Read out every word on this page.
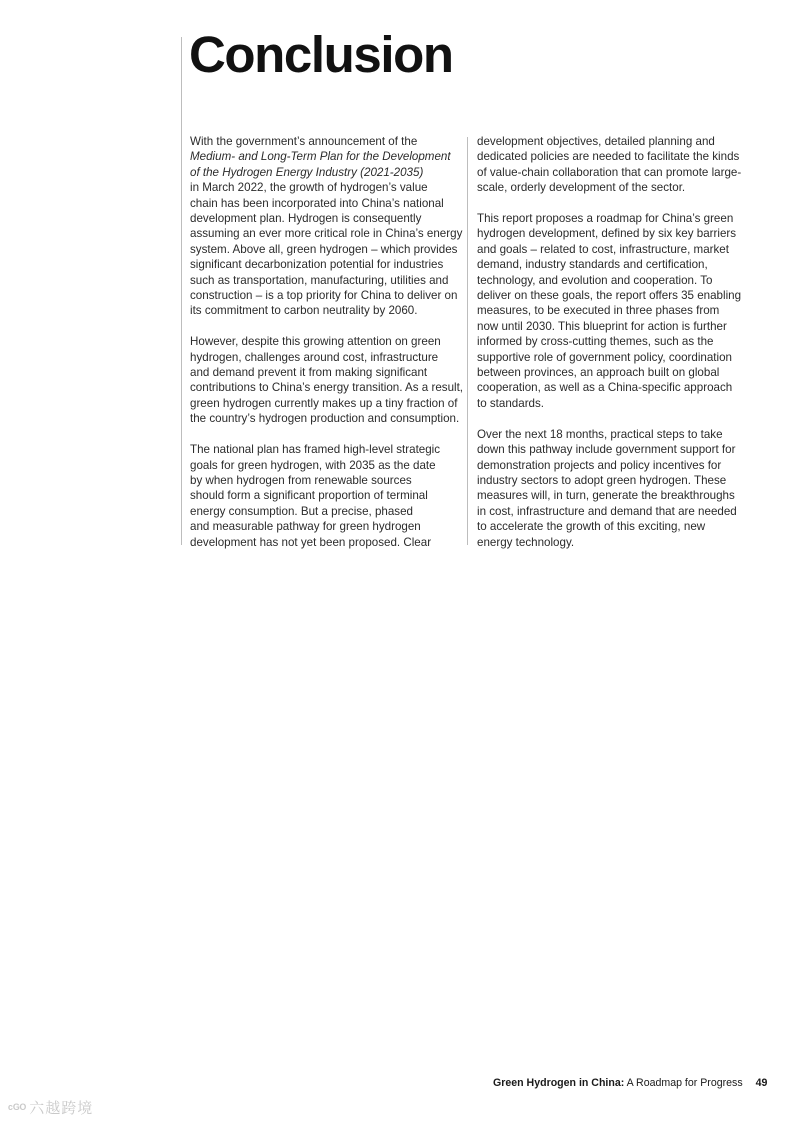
Conclusion
With the government’s announcement of the
Medium- and Long-Term Plan for the Development
of the Hydrogen Energy Industry (2021-2035)
in March 2022, the growth of hydrogen’s value
chain has been incorporated into China’s national
development plan. Hydrogen is consequently
assuming an ever more critical role in China’s energy
system. Above all, green hydrogen – which provides
significant decarbonization potential for industries
such as transportation, manufacturing, utilities and
construction – is a top priority for China to deliver on
its commitment to carbon neutrality by 2060.
However, despite this growing attention on green
hydrogen, challenges around cost, infrastructure
and demand prevent it from making significant
contributions to China’s energy transition. As a result,
green hydrogen currently makes up a tiny fraction of
the country’s hydrogen production and consumption.
The national plan has framed high-level strategic
goals for green hydrogen, with 2035 as the date
by when hydrogen from renewable sources
should form a significant proportion of terminal
energy consumption. But a precise, phased
and measurable pathway for green hydrogen
development has not yet been proposed. Clear
development objectives, detailed planning and
dedicated policies are needed to facilitate the kinds
of value-chain collaboration that can promote large-
scale, orderly development of the sector.
This report proposes a roadmap for China’s green
hydrogen development, defined by six key barriers
and goals – related to cost, infrastructure, market
demand, industry standards and certification,
technology, and evolution and cooperation. To
deliver on these goals, the report offers 35 enabling
measures, to be executed in three phases from
now until 2030. This blueprint for action is further
informed by cross-cutting themes, such as the
supportive role of government policy, coordination
between provinces, an approach built on global
cooperation, as well as a China-specific approach
to standards.
Over the next 18 months, practical steps to take
down this pathway include government support for
demonstration projects and policy incentives for
industry sectors to adopt green hydrogen. These
measures will, in turn, generate the breakthroughs
in cost, infrastructure and demand that are needed
to accelerate the growth of this exciting, new
energy technology.
Green Hydrogen in China: A Roadmap for Progress 49
ᶜᴳᴼ 六越跨境
